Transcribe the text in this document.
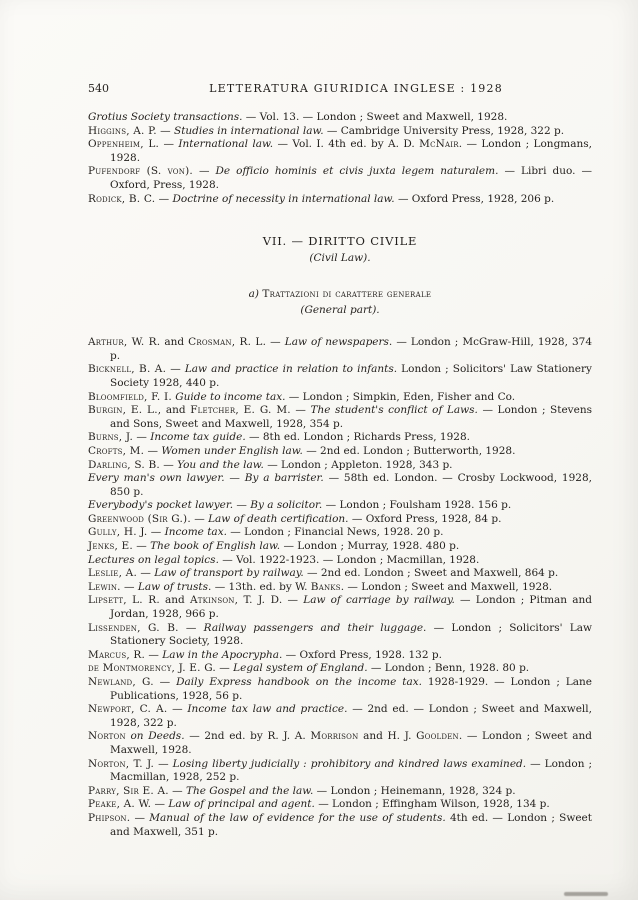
540	LETTERATURA GIURIDICA INGLESE : 1928

Grotius Society transactions. — Vol. 13. — London ; Sweet and Maxwell, 1928.

Higgins, A. P. — Studies in international law. — Cambridge University Press, 1928, 322 p.

Oppenheim, L. — International law. — Vol. I. 4th ed. by A. D. McNair. — London ; Longmans, 1928.

Pufendorf (S. von). — De officio hominis et civis juxta legem naturalem. — Libri duo. — Oxford, Press, 1928.

Rodick, B. C. — Doctrine of necessity in international law. — Oxford Press, 1928, 206 p.

VII. — DIRITTO CIVILE

(Civil Law).

a) Trattazioni di carattere generale

(General part).

Arthur, W. R. and Crosman, R. L. — Law of newspapers. — London ; McGraw-Hill, 1928, 374 p.

Bicknell, B. A. — Law and practice in relation to infants. London ; Solicitors' Law Stationery Society 1928, 440 p.

Bloomfield, F. I. Guide to income tax. — London ; Simpkin, Eden, Fisher and Co.

Burgin, E. L., and Fletcher, E. G. M. — The student's conflict of Laws. — London ; Stevens and Sons, Sweet and Maxwell, 1928, 354 p.

Burns, J. — Income tax guide. — 8th ed. London ; Richards Press, 1928.

Crofts, M. — Women under English law. — 2nd ed. London ; Butterworth, 1928.

Darling, S. B. — You and the law. — London ; Appleton. 1928, 343 p.

Every man's own lawyer. — By a barrister. — 58th ed. London. — Crosby Lockwood, 1928, 850 p.

Everybody's pocket lawyer. — By a solicitor. — London ; Foulsham 1928. 156 p.

Greenwood (Sir G.). — Law of death certification. — Oxford Press, 1928, 84 p.

Gully, H. J. — Income tax. — London ; Financial News, 1928. 20 p.

Jenks, E. — The book of English law. — London ; Murray, 1928. 480 p.

Lectures on legal topics. — Vol. 1922-1923. — London ; Macmillan, 1928.

Leslie, A. — Law of transport by railway. — 2nd ed. London ; Sweet and Maxwell, 864 p.

Lewin. — Law of trusts. — 13th. ed. by W. Banks. — London ; Sweet and Maxwell, 1928.

Lipsett, L. R. and Atkinson, T. J. D. — Law of carriage by railway. — London ; Pitman and Jordan, 1928, 966 p.

Lissenden, G. B. — Railway passengers and their luggage. — London ; Solicitors' Law Stationery Society, 1928.

Marcus, R. — Law in the Apocrypha. — Oxford Press, 1928. 132 p.

de Montmorency, J. E. G. — Legal system of England. — London ; Benn, 1928. 80 p.

Newland, G. — Daily Express handbook on the income tax. 1928-1929. — London ; Lane Publications, 1928, 56 p.

Newport, C. A. — Income tax law and practice. — 2nd ed. — London ; Sweet and Maxwell, 1928, 322 p.

Norton on Deeds. — 2nd ed. by R. J. A. Morrison and H. J. Goolden. — London ; Sweet and Maxwell, 1928.

Norton, T. J. — Losing liberty judicially : prohibitory and kindred laws examined. — London ; Macmillan, 1928, 252 p.

Parry, Sir E. A. — The Gospel and the law. — London ; Heinemann, 1928, 324 p.

Peake, A. W. — Law of principal and agent. — London ; Effingham Wilson, 1928, 134 p.

Phipson. — Manual of the law of evidence for the use of students. 4th ed. — London ; Sweet and Maxwell, 351 p.
